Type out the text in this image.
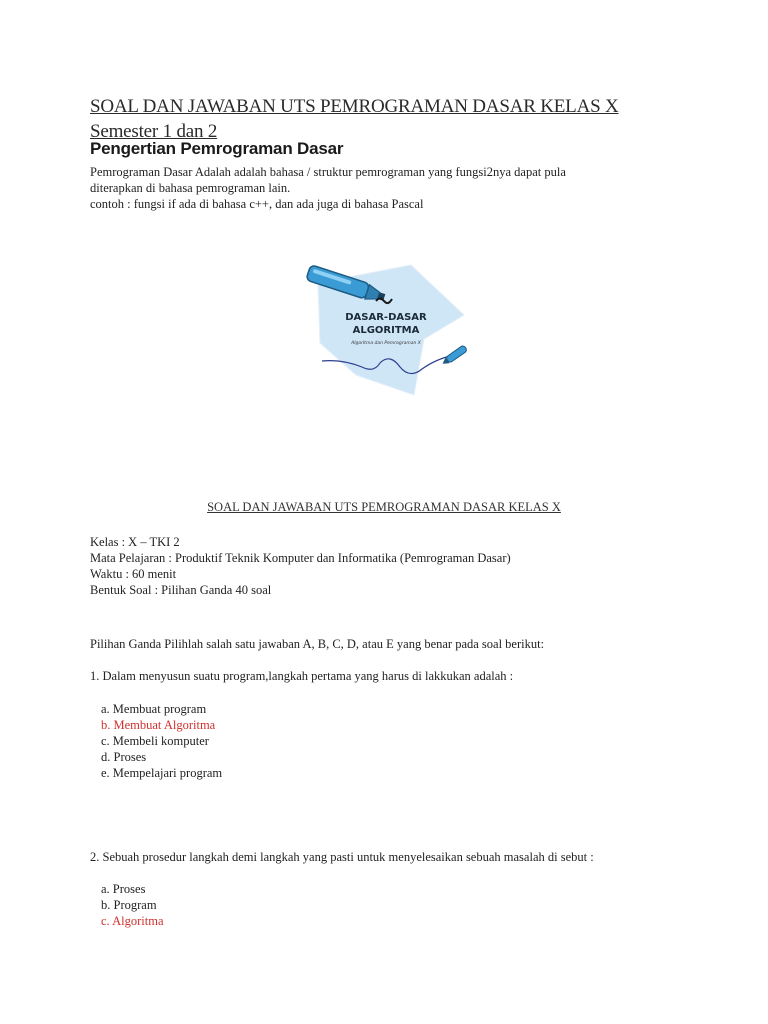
SOAL DAN JAWABAN UTS PEMROGRAMAN DASAR KELAS X Semester 1 dan 2
Pengertian Pemrograman Dasar
Pemrograman Dasar Adalah adalah bahasa / struktur pemrograman yang fungsi2nya dapat pula
diterapkan di bahasa pemrograman lain.
contoh : fungsi if ada di bahasa c++, dan ada juga di bahasa Pascal
DASAR-DASAR
ALGORITMA
Algoritma dan Pemrograman X
SOAL DAN JAWABAN UTS PEMROGRAMAN DASAR KELAS X
Kelas : X – TKI 2
Mata Pelajaran : Produktif Teknik Komputer dan Informatika (Pemrograman Dasar)
Waktu : 60 menit
Bentuk Soal : Pilihan Ganda 40 soal
Pilihan Ganda Pilihlah salah satu jawaban A, B, C, D, atau E yang benar pada soal berikut:
1. Dalam menyusun suatu program,langkah pertama yang harus di lakkukan adalah :
a. Membuat program
b. Membuat Algoritma
c. Membeli komputer
d. Proses
e. Mempelajari program
2. Sebuah prosedur langkah demi langkah yang pasti untuk menyelesaikan sebuah masalah di sebut :
a. Proses
b. Program
c. Algoritma
